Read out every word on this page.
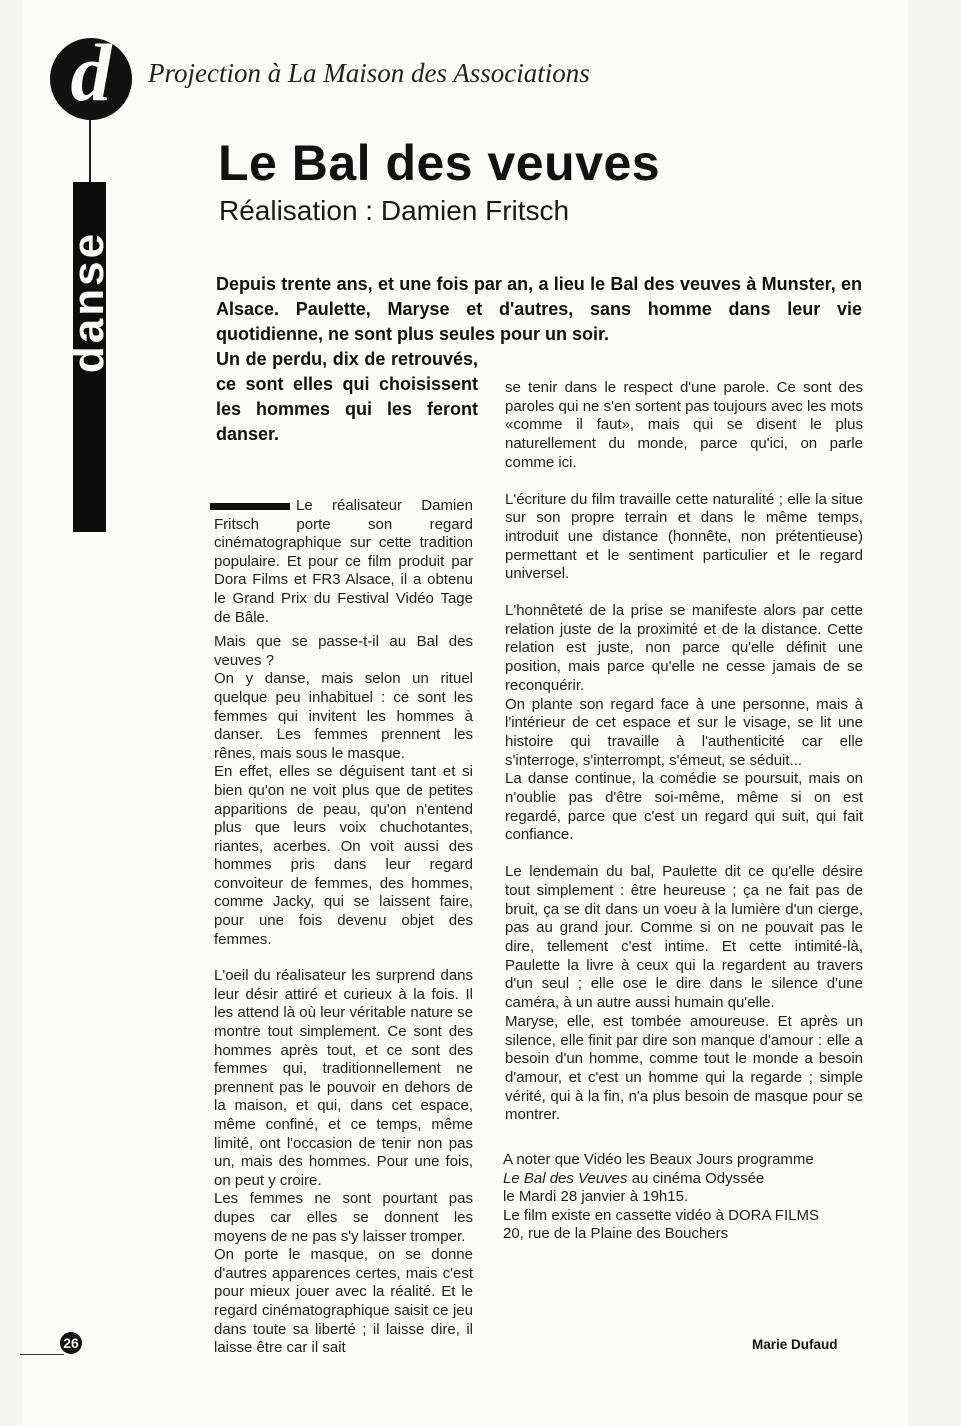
d	Projection à La Maison des Associations
danse
Le Bal des veuves
Réalisation : Damien Fritsch
Depuis trente ans, et une fois par an, a lieu le Bal des veuves à Munster, en Alsace. Paulette, Maryse et d'autres, sans homme dans leur vie quotidienne, ne sont plus seules pour un soir.
Un de perdu, dix de retrouvés, ce sont elles qui choisissent les hommes qui les feront danser.

Le réalisateur Damien Fritsch porte son regard cinématographique sur cette tradition populaire. Et pour ce film produit par Dora Films et FR3 Alsace, il a obtenu le Grand Prix du Festival Vidéo Tage de Bâle.

Mais que se passe-t-il au Bal des veuves ?

On y danse, mais selon un rituel quelque peu inhabituel : ce sont les femmes qui invitent les hommes à danser. Les femmes prennent les rênes, mais sous le masque.

En effet, elles se déguisent tant et si bien qu'on ne voit plus que de petites apparitions de peau, qu'on n'entend plus que leurs voix chuchotantes, riantes, acerbes. On voit aussi des hommes pris dans leur regard convoiteur de femmes, des hommes, comme Jacky, qui se laissent faire, pour une fois devenu objet des femmes.

L'oeil du réalisateur les surprend dans leur désir attiré et curieux à la fois. Il les attend là où leur véritable nature se montre tout simplement. Ce sont des hommes après tout, et ce sont des femmes qui, traditionnellement ne prennent pas le pouvoir en dehors de la maison, et qui, dans cet espace, même confiné, et ce temps, même limité, ont l'occasion de tenir non pas un, mais des hommes. Pour une fois, on peut y croire.

Les femmes ne sont pourtant pas dupes car elles se donnent les moyens de ne pas s'y laisser tromper.

On porte le masque, on se donne d'autres apparences certes, mais c'est pour mieux jouer avec la réalité. Et le regard cinématographique saisit ce jeu dans toute sa liberté ; il laisse dire, il laisse être car il sait

se tenir dans le respect d'une parole. Ce sont des paroles qui ne s'en sortent pas toujours avec les mots «comme il faut», mais qui se disent le plus naturellement du monde, parce qu'ici, on parle comme ici.

L'écriture du film travaille cette naturalité ; elle la situe sur son propre terrain et dans le même temps, introduit une distance (honnête, non prétentieuse) permettant et le sentiment particulier et le regard universel.

L'honnêteté de la prise se manifeste alors par cette relation juste de la proximité et de la distance. Cette relation est juste, non parce qu'elle définit une position, mais parce qu'elle ne cesse jamais de se reconquérir.

On plante son regard face à une personne, mais à l'intérieur de cet espace et sur le visage, se lit une histoire qui travaille à l'authenticité car elle s'interroge, s'interrompt, s'émeut, se séduit...

La danse continue, la comédie se poursuit, mais on n'oublie pas d'être soi-même, même si on est regardé, parce que c'est un regard qui suit, qui fait confiance.

Le lendemain du bal, Paulette dit ce qu'elle désire tout simplement : être heureuse ; ça ne fait pas de bruit, ça se dit dans un voeu à la lumière d'un cierge, pas au grand jour. Comme si on ne pouvait pas le dire, tellement c'est intime. Et cette intimité-là, Paulette la livre à ceux qui la regardent au travers d'un seul ; elle ose le dire dans le silence d'une caméra, à un autre aussi humain qu'elle.

Maryse, elle, est tombée amoureuse. Et après un silence, elle finit par dire son manque d'amour : elle a besoin d'un homme, comme tout le monde a besoin d'amour, et c'est un homme qui la regarde ; simple vérité, qui à la fin, n'a plus besoin de masque pour se montrer.

A noter que Vidéo les Beaux Jours programme
Le Bal des Veuves au cinéma Odyssée
le Mardi 28 janvier à 19h15.
Le film existe en cassette vidéo à DORA FILMS
20, rue de la Plaine des Bouchers
26	Marie Dufaud
